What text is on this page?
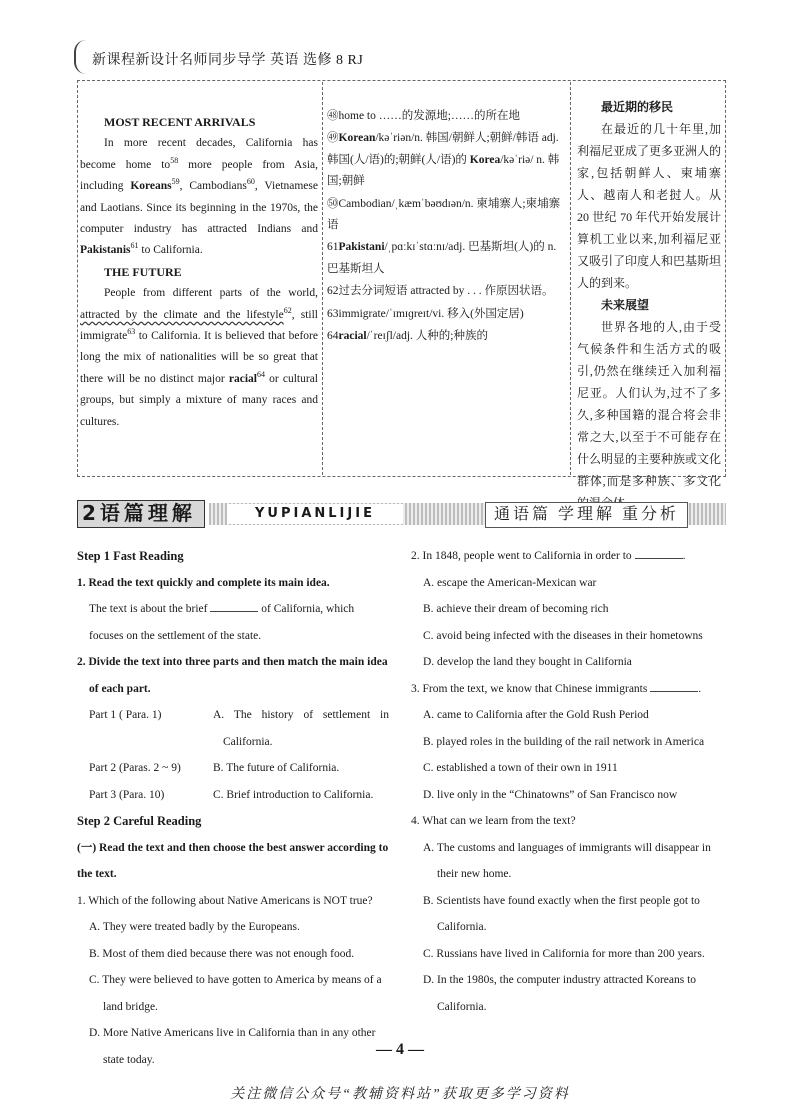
新课程新设计名师同步导学 英语 选修 8 RJ

MOST RECENT ARRIVALS

In more recent decades, California has become home $to^{58}$ more people from Asia, including Koreans$^{59}$, Cambodians$^{60}$, Vietnamese and Laotians. Since its beginning in the 1970s, the computer industry has attracted Indians and Pakistanis$^{61}$ to California.

THE FUTURE

People from different parts of the world, attracted by the climate and the lifestyle$^{62}$, still immigrate$^{63}$ to California. It is believed that before long the mix of nationalities will be so great that there will be no distinct major racial$^{64}$ or cultural groups, but simply a mixture of many races and cultures.

㊽home to ……的发源地;……的所在地

㊾Korean/kəˈriən/n. 韩国/朝鲜人;朝鲜/韩语 adj. 韩国(人/语)的;朝鲜(人/语)的 Korea/kəˈriə/ n. 韩国;朝鲜

㊿Cambodian/ˌkæmˈbəʊdɪən/n. 柬埔寨人;柬埔寨语

61Pakistani/ˌpɑːkɪˈstɑːnɪ/adj. 巴基斯坦(人)的 n. 巴基斯坦人

62过去分词短语 attracted by . . . 作原因状语。

63immigrate/ˈɪmɪɡreɪt/vi. 移入(外国定居)

64racial/ˈreɪʃl/adj. 人种的;种族的

最近期的移民

在最近的几十年里,加利福尼亚成了更多亚洲人的家,包括朝鲜人、柬埔寨人、越南人和老挝人。从 20 世纪 70 年代开始发展计算机工业以来,加利福尼亚又吸引了印度人和巴基斯坦人的到来。

未来展望

世界各地的人,由于受气候条件和生活方式的吸引,仍然在继续迁入加利福尼亚。人们认为,过不了多久,多种国籍的混合将会非常之大,以至于不可能存在什么明显的主要种族或文化群体,而是多种族、多文化

2语篇理解	YUPIANLIJIE	通语篇 学理解 重分析

Step 1 Fast Reading

1. Read the text quickly and complete its main idea.

The text is about the brief	of California, which focuses on the settlement of the state.

2. Divide the text into three parts and then match the main idea of each part.

Part 1 ( Para. 1)	A. The history of settlement in California.
Part 2 (Paras. 2 ~ 9)	B. The future of California.
Part 3 (Para. 10)	C. Brief introduction to California.

Step 2 Careful Reading

(一) Read the text and then choose the best answer according to the text.

1. Which of the following about Native Americans is NOT true?

A. They were treated badly by the Europeans.

B. Most of them died because there was not enough food.

C. They were believed to have gotten to America by means of a land bridge.

D. More Native Americans live in California than in any other state today.

2. In 1848, people went to California in order to	.

A. escape the American-Mexican war

B. achieve their dream of becoming rich

C. avoid being infected with the diseases in their hometowns

D. develop the land they bought in California

3. From the text, we know that Chinese immigrants	.

A. came to California after the Gold Rush Period

B. played roles in the building of the rail network in America

C. established a town of their own in 1911

D. live only in the “Chinatowns” of San Francisco now

4. What can we learn from the text?

A. The customs and languages of immigrants will disappear in their new home.

B. Scientists have found exactly when the first people got to California.

C. Russians have lived in California for more than 200 years.

D. In the 1980s, the computer industry attracted Koreans to California.

— 4 —
关注微信公众号“教辅资料站”获取更多学习资料
